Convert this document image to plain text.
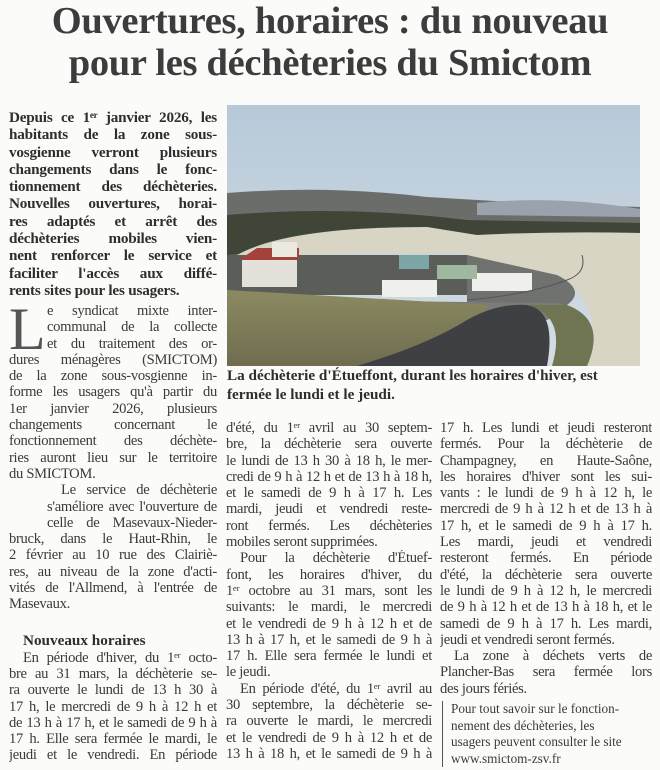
Ouvertures, horaires : du nouveau
pour les déchèteries du Smictom
Depuis ce 1ᵉʳ janvier 2026, les
habitants de la zone sous-
vosgienne verront plusieurs
changements dans le fonc-
tionnement des déchèteries.
Nouvelles ouvertures, horai-
res adaptés et arrêt des
déchèteries mobiles vien-
nent renforcer le service et
faciliter l'accès aux diffé-
rents sites pour les usagers.
L e syndicat mixte inter-
communal de la collecte
et du traitement des or-
dures ménagères (SMICTOM)
de la zone sous-vosgienne in-
forme les usagers qu'à partir du
1er janvier 2026, plusieurs
changements concernant le
fonctionnement des déchète-
ries auront lieu sur le territoire
du SMICTOM.
Le service de déchèterie
s'améliore avec l'ouverture de
celle de Masevaux-Nieder-
bruck, dans le Haut-Rhin, le
2 février au 10 rue des Clairiè-
res, au niveau de la zone d'acti-
vités de l'Allmend, à l'entrée de
Masevaux.
Nouveaux horaires
En période d'hiver, du 1ᵉʳ octo-
bre au 31 mars, la déchèterie se-
ra ouverte le lundi de 13 h 30 à
17 h, le mercredi de 9 h à 12 h et
de 13 h à 17 h, et le samedi de 9 h à
17 h. Elle sera fermée le mardi, le
jeudi et le vendredi. En période
La déchèterie d'Étueffont, durant les horaires d'hiver, est
fermée le lundi et le jeudi.
d'été, du 1ᵉʳ avril au 30 septem-
bre, la déchèterie sera ouverte
le lundi de 13 h 30 à 18 h, le mer-
credi de 9 h à 12 h et de 13 h à 18 h,
et le samedi de 9 h à 17 h. Les
mardi, jeudi et vendredi reste-
ront fermés. Les déchèteries
mobiles seront supprimées.
Pour la déchèterie d'Étuef-
font, les horaires d'hiver, du
1ᵉʳ octobre au 31 mars, sont les
suivants: le mardi, le mercredi
et le vendredi de 9 h à 12 h et de
13 h à 17 h, et le samedi de 9 h à
17 h. Elle sera fermée le lundi et
le jeudi.
En période d'été, du 1ᵉʳ avril au
30 septembre, la déchèterie se-
ra ouverte le mardi, le mercredi
et le vendredi de 9 h à 12 h et de
13 h à 18 h, et le samedi de 9 h à
17 h. Les lundi et jeudi resteront
fermés. Pour la déchèterie de
Champagney, en Haute-Saône,
les horaires d'hiver sont les sui-
vants : le lundi de 9 h à 12 h, le
mercredi de 9 h à 12 h et de 13 h à
17 h, et le samedi de 9 h à 17 h.
Les mardi, jeudi et vendredi
resteront fermés. En période
d'été, la déchèterie sera ouverte
le lundi de 9 h à 12 h, le mercredi
de 9 h à 12 h et de 13 h à 18 h, et le
samedi de 9 h à 17 h. Les mardi,
jeudi et vendredi seront fermés.
La zone à déchets verts de
Plancher-Bas sera fermée lors
des jours fériés.
Pour tout savoir sur le fonction-
nement des déchèteries, les
usagers peuvent consulter le site
www.smictom-zsv.fr
